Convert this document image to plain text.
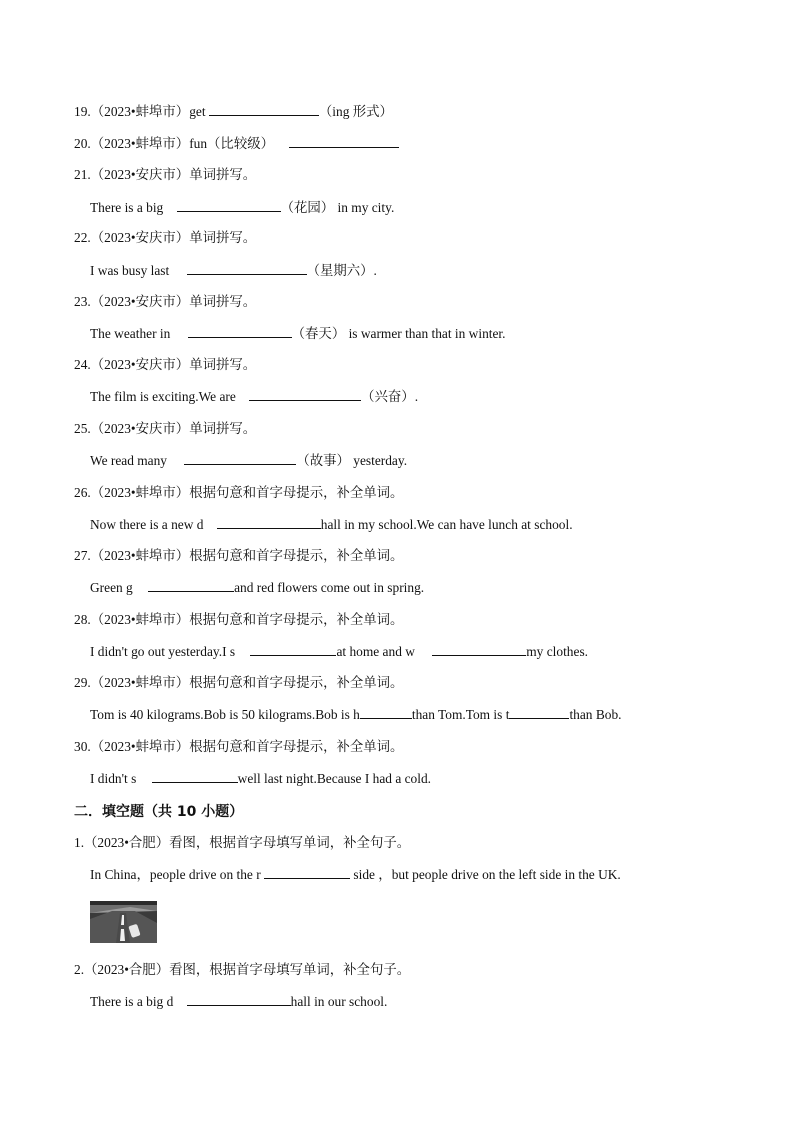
19.（2023•蚌埠市）get	（ing 形式）
20.（2023•蚌埠市）fun（比较级）
21.（2023•安庆市）单词拼写。
There is a big	（花园） in my city.
22.（2023•安庆市）单词拼写。
I was busy last	（星期六）.
23.（2023•安庆市）单词拼写。
The weather in	（春天） is warmer than that in winter.
24.（2023•安庆市）单词拼写。
The film is exciting.We are	（兴奋）.
25.（2023•安庆市）单词拼写。
We read many	（故事） yesterday.
26.（2023•蚌埠市）根据句意和首字母提示，补全单词。
Now there is a new d	hall in my school.We can have lunch at school.
27.（2023•蚌埠市）根据句意和首字母提示，补全单词。
Green g	and red flowers come out in spring.
28.（2023•蚌埠市）根据句意和首字母提示，补全单词。
I didn't go out yesterday.I s	at home and w	my clothes.
29.（2023•蚌埠市）根据句意和首字母提示，补全单词。
Tom is 40 kilograms.Bob is 50 kilograms.Bob is h	than Tom.Tom is t	than Bob.
30.（2023•蚌埠市）根据句意和首字母提示，补全单词。
I didn't s	well last night.Because I had a cold.
二．填空题（共 10 小题）
1.（2023•合肥）看图，根据首字母填写单词，补全句子。
In China，people drive on the r	side ，but people drive on the left side in the UK.
2.（2023•合肥）看图，根据首字母填写单词，补全句子。
There is a big d	hall in our school.
